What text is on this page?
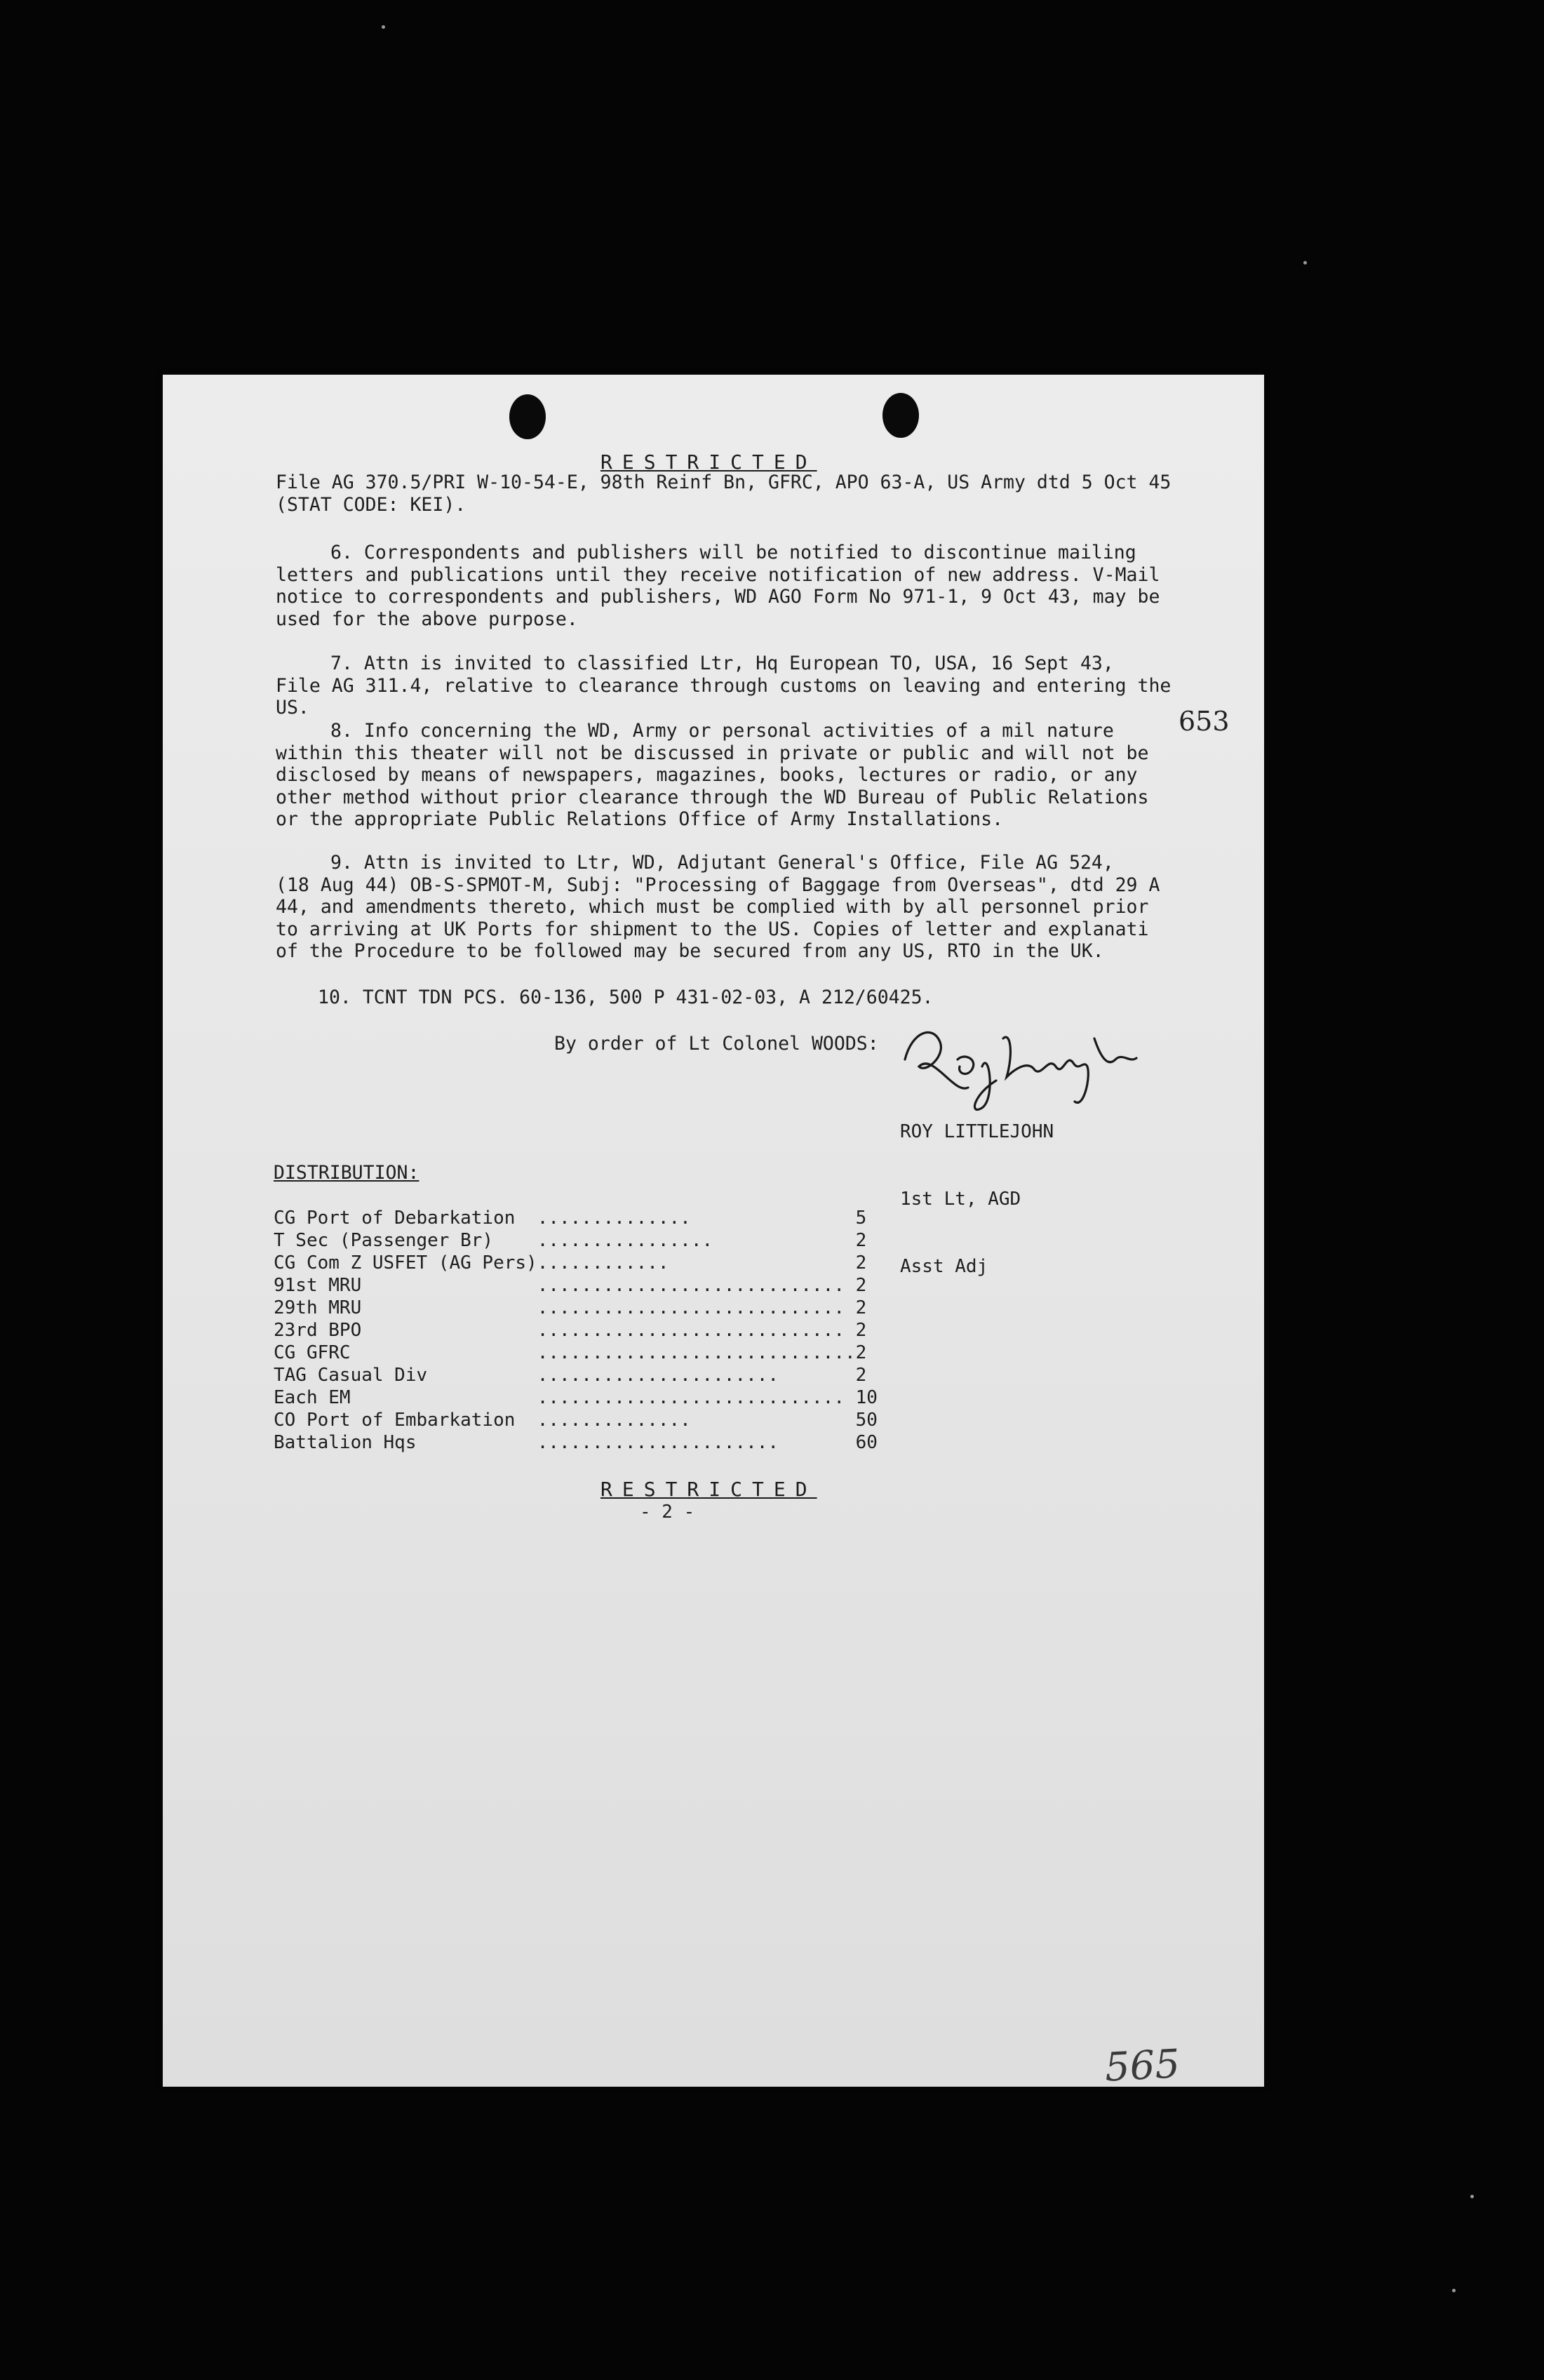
RESTRICTED
File AG 370.5/PRI W-10-54-E, 98th Reinf Bn, GFRC, APO 63-A, US Army dtd 5 Oct 45
(STAT CODE: KEI).
6. Correspondents and publishers will be notified to discontinue mailing
letters and publications until they receive notification of new address. V-Mail
notice to correspondents and publishers, WD AGO Form No 971-1, 9 Oct 43, may be
used for the above purpose.
7. Attn is invited to classified Ltr, Hq European TO, USA, 16 Sept 43,
File AG 311.4, relative to clearance through customs on leaving and entering the
US.
8. Info concerning the WD, Army or personal activities of a mil nature
within this theater will not be discussed in private or public and will not be
disclosed by means of newspapers, magazines, books, lectures or radio, or any
other method without prior clearance through the WD Bureau of Public Relations
or the appropriate Public Relations Office of Army Installations.
9. Attn is invited to Ltr, WD, Adjutant General's Office, File AG 524,
(18 Aug 44) OB-S-SPMOT-M, Subj: "Processing of Baggage from Overseas", dtd 29 A
44, and amendments thereto, which must be complied with by all personnel prior
to arriving at UK Ports for shipment to the US. Copies of letter and explanati
of the Procedure to be followed may be secured from any US, RTO in the UK.
10. TCNT TDN PCS. 60-136, 500 P 431-02-03, A 212/60425.
By order of Lt Colonel WOODS:

ROY LITTLEJOHN

1st Lt, AGD

Asst Adj

DISTRIBUTION:
CG Port of Debarkation	..............	5
T Sec (Passenger Br)	................	2
CG Com Z USFET (AG Pers)	............	2
91st MRU	............................	2
29th MRU	............................	2
23rd BPO	............................	2
CG GFRC	.............................	2
TAG Casual Div	......................	2
Each EM	............................	10
CO Port of Embarkation	..............	50
Battalion Hqs	......................	60
RESTRICTED
- 2 -
653
565
